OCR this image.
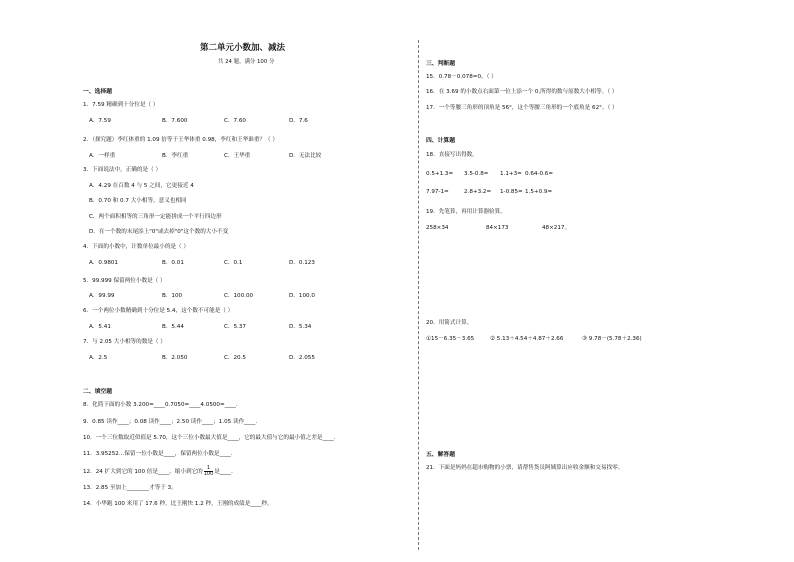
第二单元小数加、减法
共 24 题，满分 100 分
一、选择题
1．7.59 精确到十分位是（ ）
A．7.59	B．7.600	C．7.60	D．7.6
2．（探究题）李红体重的 1.09 倍等于王华体重 0.98，李红和王华谁重？（ ）
A．一样重	B．李红重	C．王华重	D．无法比较
3．下面说法中，正确的是（ ）
A．4.29 在百数 4 与 5 之间，它更接近 4
B．0.70 和 0.7 大小相等，意义也相同
C．两个面积相等的三角形一定能拼成一个平行四边形
D．在一个数的末尾添上"0"或去掉"0"这个数的大小不变
4．下面的小数中，计数单位最小的是（ ）
A．0.9801	B．0.01	C．0.1	D．0.123
5．99.999 保留两位小数是（ ）
A．99.99	B．100	C．100.00	D．100.0
6．一个两位小数精确到十分位是 5.4，这个数不可能是（ ）
A．5.41	B．5.44	C．5.37	D．5.34
7．与 2.05 大小相等的数是（ ）
A．2.5	B．2.050	C．20.5	D．2.055
二、填空题
8．化简下面的小数 3.200=____0.7050=____4.0500=____.
9．0.85 读作____；0.08 读作____；2.50 读作____；1.05 读作____.
10．一个三位数取近似值是 5.70，这个三位小数最大值是____，它的最大值与它的最小值之差是____.
11．3.95252…保留一位小数是____，保留两位小数是____.
12．24 扩大到它的 100 倍是____，缩小到它的 $\frac{1}{100}$ 是____.
13．2.85 至加上________才等于 3。
14．小华跑 100 米用了 17.6 秒，比王刚快 1.2 秒，王刚的成绩是____秒。
三、判断题
15．0.78－0.078=0。（ ）
16．在 3.69 的小数点右面第一位上添一个 0,所得的数与原数大小相等。（ ）
17．一个等腰三角形的顶角是 56°，这个等腰三角形的一个底角是 62°。（ ）
四、计算题
18．直接写出得数。
0.5+1.3= 3.5-0.8= 1.1+3= 0.64-0.6=
7.97-1=	2.8+3.2= 1-0.85= 1.5+0.9=
19．先笔算，再用计算器验算。
258×34	84×173	48×217。
20．用简式计算。
①15－6.35－3.65	② 5.13＋4.54＋4.87＋2.66	③ 9.78－(5.78＋2.36)
五、解答题
21．下面是妈妈在超市购物的小票，请帮售货员阿姨算出应收金额和交易找零。
